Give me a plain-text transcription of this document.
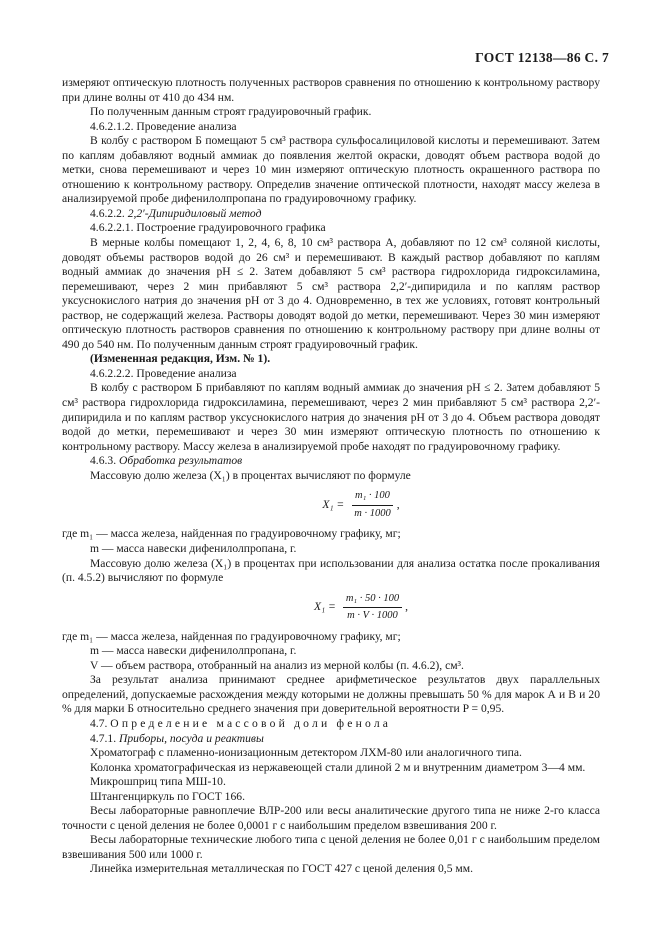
ГОСТ 12138—86 С. 7

измеряют оптическую плотность полученных растворов сравнения по отношению к контрольному раствору при длине волны от 410 до 434 нм.

По полученным данным строят градуировочный график.

4.6.2.1.2. Проведение анализа

В колбу с раствором Б помещают 5 см³ раствора сульфосалициловой кислоты и перемешивают. Затем по каплям добавляют водный аммиак до появления желтой окраски, доводят объем раствора водой до метки, снова перемешивают и через 10 мин измеряют оптическую плотность окрашенного раствора по отношению к контрольному раствору. Определив значение оптической плотности, находят массу железа в анализируемой пробе дифенилолпропана по градуировочному графику.

4.6.2.2. 2,2′-Дипиридиловый метод

4.6.2.2.1. Построение градуировочного графика

В мерные колбы помещают 1, 2, 4, 6, 8, 10 см³ раствора А, добавляют по 12 см³ соляной кислоты, доводят объемы растворов водой до 26 см³ и перемешивают. В каждый раствор добавляют по каплям водный аммиак до значения рН ≤ 2. Затем добавляют 5 см³ раствора гидрохлорида гидроксиламина, перемешивают, через 2 мин прибавляют 5 см³ раствора 2,2′-дипиридила и по каплям раствор уксуснокислого натрия до значения рН от 3 до 4. Одновременно, в тех же условиях, готовят контрольный раствор, не содержащий железа. Растворы доводят водой до метки, перемешивают. Через 30 мин измеряют оптическую плотность растворов сравнения по отношению к контрольному раствору при длине волны от 490 до 540 нм. По полученным данным строят градуировочный график.

(Измененная редакция, Изм. № 1).

4.6.2.2.2. Проведение анализа

В колбу с раствором Б прибавляют по каплям водный аммиак до значения рН ≤ 2. Затем добавляют 5 см³ раствора гидрохлорида гидроксиламина, перемешивают, через 2 мин прибавляют 5 см³ раствора 2,2′-дипиридила и по каплям раствор уксуснокислого натрия до значения рН от 3 до 4. Объем раствора доводят водой до метки, перемешивают и через 30 мин измеряют оптическую плотность по отношению к контрольному раствору. Массу железа в анализируемой пробе находят по градуировочному графику.

4.6.3. Обработка результатов

Массовую долю железа (X₁) в процентах вычисляют по формуле

$X_1 = \frac{\text{m₁ · 100}}{m \cdot 1000}$ ,

где m₁ — масса железа, найденная по градуировочному графику, мг;

m — масса навески дифенилолпропана, г.

Массовую долю железа (X₁) в процентах при использовании для анализа остатка после прокаливания (п. 4.5.2) вычисляют по формуле

$X_1 = \frac{\text{m₁ · 50 · 100}}{m \cdot V \cdot 1000}$ ,

где m₁ — масса железа, найденная по градуировочному графику, мг;

m — масса навески дифенилолпропана, г.

V — объем раствора, отобранный на анализ из мерной колбы (п. 4.6.2), см³.

За результат анализа принимают среднее арифметическое результатов двух параллельных определений, допускаемые расхождения между которыми не должны превышать 50 % для марок А и В и 20 % для марки Б относительно среднего значения при доверительной вероятности P = 0,95.

4.7. Определение массовой доли фенола

4.7.1. Приборы, посуда и реактивы

Хроматограф с пламенно-ионизационным детектором ЛХМ-80 или аналогичного типа.

Колонка хроматографическая из нержавеющей стали длиной 2 м и внутренним диаметром 3—4 мм.

Микрошприц типа МШ-10.

Штангенциркуль по ГОСТ 166.

Весы лабораторные равноплечие ВЛР-200 или весы аналитические другого типа не ниже 2-го класса точности с ценой деления не более 0,0001 г с наибольшим пределом взвешивания 200 г.

Весы лабораторные технические любого типа с ценой деления не более 0,01 г с наибольшим пределом взвешивания 500 или 1000 г.

Линейка измерительная металлическая по ГОСТ 427 с ценой деления 0,5 мм.
